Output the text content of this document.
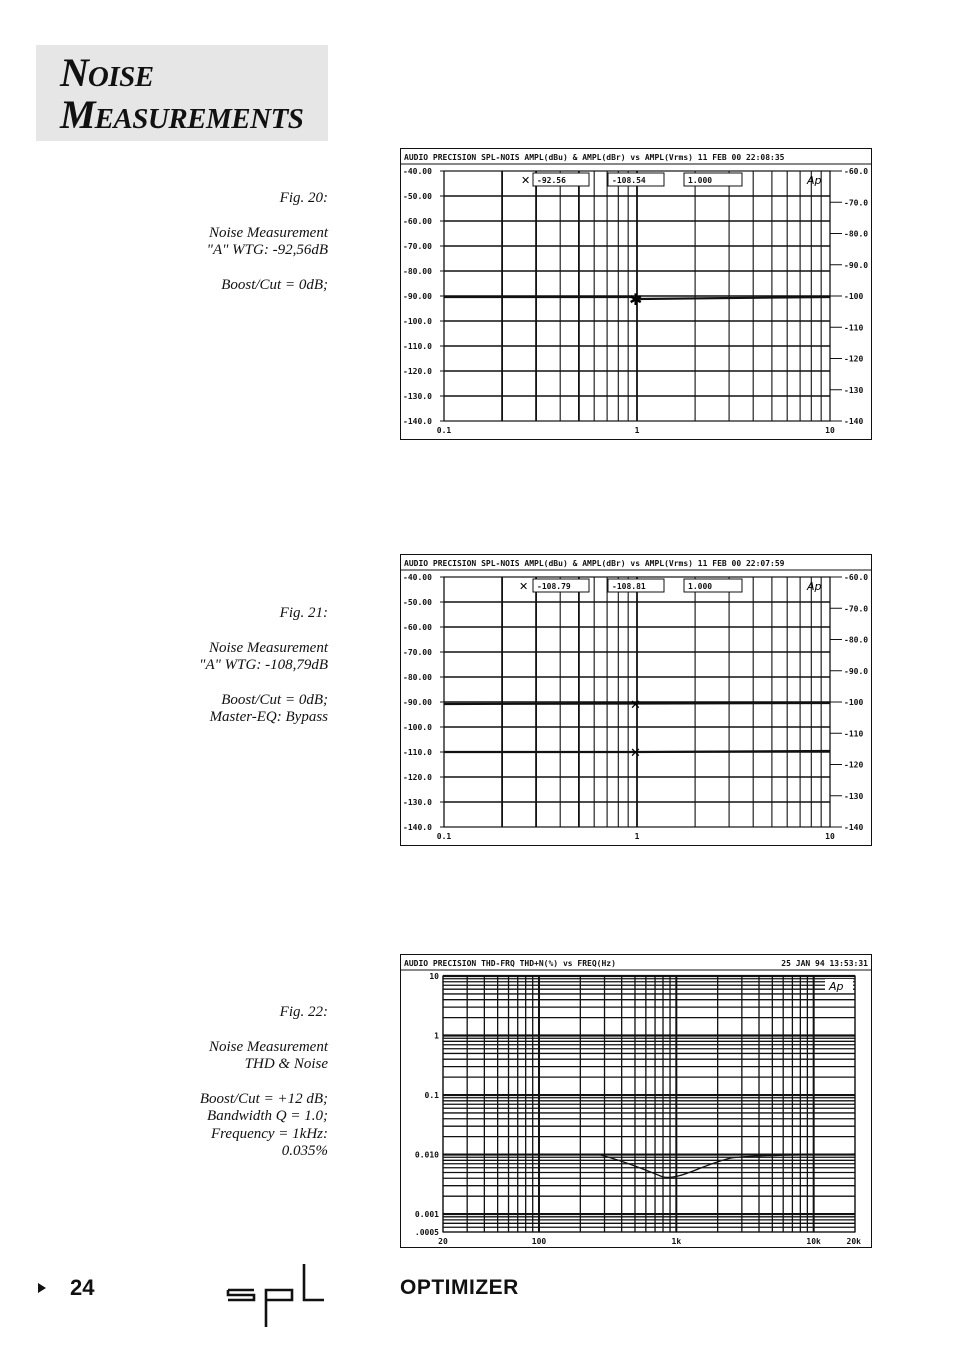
NOISE
MEASUREMENTS
Fig. 20:
Noise Measurement
"A" WTG: -92,56dB
Boost/Cut = 0dB;
Fig. 21:
Noise Measurement
"A" WTG: -108,79dB
Boost/Cut = 0dB;
Master-EQ: Bypass
Fig. 22:
Noise Measurement
THD & Noise
Boost/Cut = +12 dB;
Bandwidth Q = 1.0;
Frequency = 1kHz:
0.035%
AUDIO PRECISION SPL-NOIS AMPL(dBu) & AMPL(dBr) vs AMPL(Vrms) 11 FEB 00 22:08:35
-40.00
-50.00
-60.00
-70.00
-80.00
-90.00
-100.0
-110.0
-120.0
-130.0
-140.0
-60.0
-70.0
-80.0
-90.0
-100
-110
-120
-130
-140
0.1	1	10
✕ -92.56	-108.54	1.000	Ap
✱
AUDIO PRECISION SPL-NOIS AMPL(dBu) & AMPL(dBr) vs AMPL(Vrms) 11 FEB 00 22:07:59
-40.00
-50.00
-60.00
-70.00
-80.00
-90.00
-100.0
-110.0
-120.0
-130.0
-140.0
-60.0
-70.0
-80.0
-90.0
-100
-110
-120
-130
-140
0.1	1	10
✕ -108.79	-108.81	1.000	Ap
✕
✕
AUDIO PRECISION THD-FRQ THD+N(%) vs FREQ(Hz)	25 JAN 94 13:53:31
10
1
0.1
0.010
0.001
.0005
20	100	1k	10k	20k
Ap
24	OPTIMIZER
